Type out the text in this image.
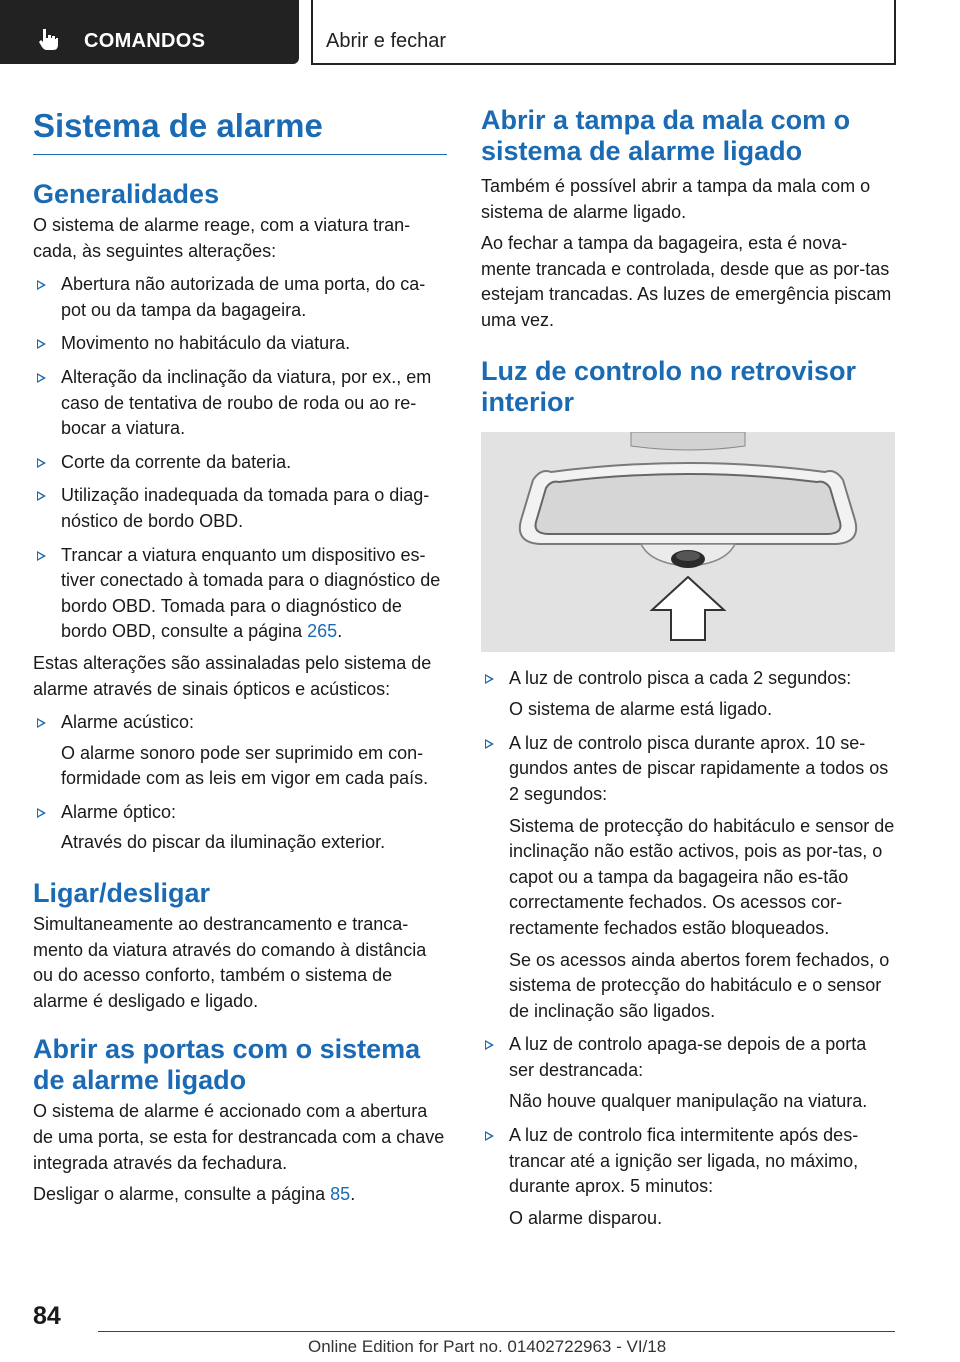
COMANDOS	Abrir e fechar
Sistema de alarme
Generalidades

O sistema de alarme reage, com a viatura tran-cada, às seguintes alterações:

Abertura não autorizada de uma porta, do ca-pot ou da tampa da bagageira.
Movimento no habitáculo da viatura.
Alteração da inclinação da viatura, por ex., em caso de tentativa de roubo de roda ou ao re-bocar a viatura.
Corte da corrente da bateria.
Utilização inadequada da tomada para o diag-nóstico de bordo OBD.
Trancar a viatura enquanto um dispositivo es-tiver conectado à tomada para o diagnóstico de bordo OBD. Tomada para o diagnóstico de bordo OBD, consulte a página 265.

Estas alterações são assinaladas pelo sistema de alarme através de sinais ópticos e acústicos:

Alarme acústico:
O alarme sonoro pode ser suprimido em con-formidade com as leis em vigor em cada país.
Alarme óptico:
Através do piscar da iluminação exterior.
Ligar/desligar

Simultaneamente ao destrancamento e tranca-mento da viatura através do comando à distância ou do acesso conforto, também o sistema de alarme é desligado e ligado.

Abrir as portas com o sistema de alarme ligado

O sistema de alarme é accionado com a abertura de uma porta, se esta for destrancada com a chave integrada através da fechadura.

Desligar o alarme, consulte a página 85.

Abrir a tampa da mala com o sistema de alarme ligado

Também é possível abrir a tampa da mala com o sistema de alarme ligado.

Ao fechar a tampa da bagageira, esta é nova-mente trancada e controlada, desde que as por-tas estejam trancadas. As luzes de emergência piscam uma vez.

Luz de controlo no retrovisor interior
A luz de controlo pisca a cada 2 segundos:
O sistema de alarme está ligado.
A luz de controlo pisca durante aprox. 10 se-gundos antes de piscar rapidamente a todos os 2 segundos:
Sistema de protecção do habitáculo e sensor de inclinação não estão activos, pois as por-tas, o capot ou a tampa da bagageira não es-tão correctamente fechados. Os acessos cor-rectamente fechados estão bloqueados.
Se os acessos ainda abertos forem fechados, o sistema de protecção do habitáculo e o sensor de inclinação são ligados.
A luz de controlo apaga-se depois de a porta ser destrancada:
Não houve qualquer manipulação na viatura.
A luz de controlo fica intermitente após des-trancar até a ignição ser ligada, no máximo, durante aprox. 5 minutos:
O alarme disparou.
84
Online Edition for Part no. 01402722963 - VI/18
